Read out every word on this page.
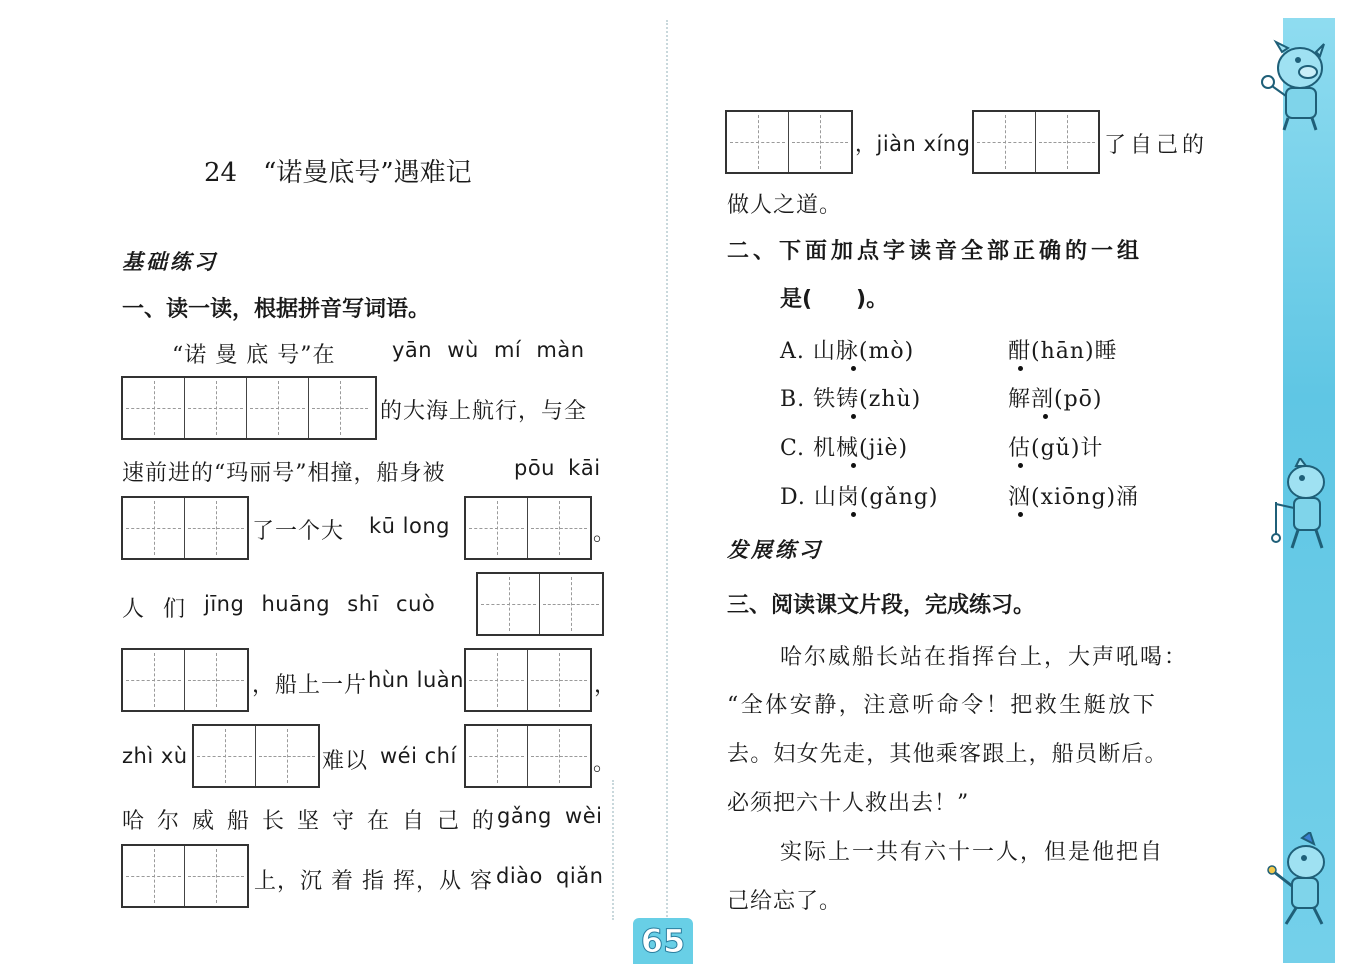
24　“诺曼底号”遇难记
基础练习
一、读一读，根据拼音写词语。
“诺 曼 底 号”在	yān wù mí màn
的大海上航行，与全
速前进的“玛丽号”相撞，船身被	pōu kāi
了一个大 kū long	。
人 们 jīng huāng shī cuò
，船上一片 hùn luàn	，
zhì xù	难以 wéi chí	。
哈 尔 威 船 长 坚 守 在 自 己 的 gǎng wèi
上，沉 着 指 挥，从 容 diào qiǎn
，jiàn xíng	了自己的
做人之道。
二、下面加点字读音全部正确的一组
是(　　)。
A. 山脉(mò)	酣(hān)睡
B. 铁铸(zhù)	解剖(pō)
C. 机械(jiè)	估(gǔ)计
D. 山岗(gǎng)	汹(xiōng)涌
发展练习
三、阅读课文片段，完成练习。
哈尔威船长站在指挥台上，大声吼喝：
“全体安静，注意听命令！把救生艇放下
去。妇女先走，其他乘客跟上，船员断后。
必须把六十人救出去！”
实际上一共有六十一人，但是他把自
己给忘了。
65
